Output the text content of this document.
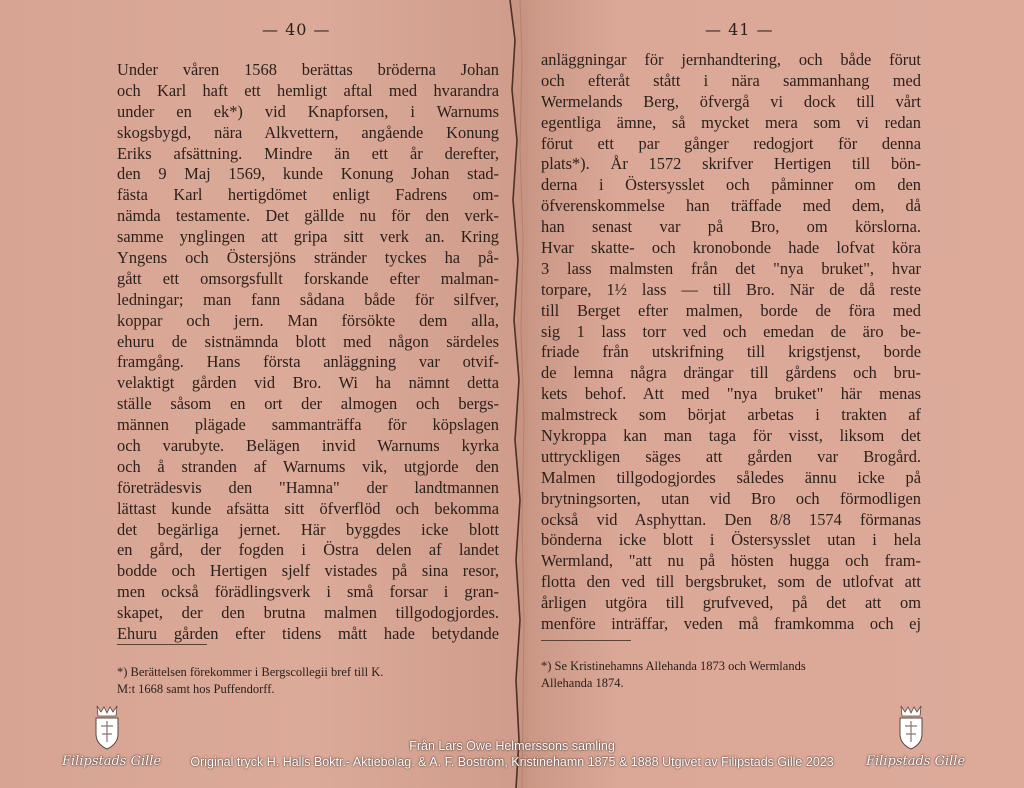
— 40 —
Under våren 1568 berättas bröderna Johan
och Karl haft ett hemligt aftal med hvarandra
under en ek*) vid Knapforsen, i Warnums
skogsbygd, nära Alkvettern, angående Konung
Eriks afsättning. Mindre än ett år derefter,
den 9 Maj 1569, kunde Konung Johan stad-
fästa Karl hertigdömet enligt Fadrens om-
nämda testamente. Det gällde nu för den verk-
samme ynglingen att gripa sitt verk an. Kring
Yngens och Östersjöns stränder tyckes ha på-
gått ett omsorgsfullt forskande efter malman-
ledningar; man fann sådana både för silfver,
koppar och jern. Man försökte dem alla,
ehuru de sistnämnda blott med någon särdeles
framgång. Hans första anläggning var otvif-
velaktigt gården vid Bro. Wi ha nämnt detta
ställe såsom en ort der almogen och bergs-
männen plägade sammanträffa för köpslagen
och varubyte. Belägen invid Warnums kyrka
och å stranden af Warnums vik, utgjorde den
företrädesvis den "Hamna" der landtmannen
lättast kunde afsätta sitt öfverflöd och bekomma
det begärliga jernet. Här byggdes icke blott
en gård, der fogden i Östra delen af landet
bodde och Hertigen sjelf vistades på sina resor,
men också förädlingsverk i små forsar i gran-
skapet, der den brutna malmen tillgodogjordes.
Ehuru gården efter tidens mått hade betydande
*) Berättelsen förekommer i Bergscollegii bref till K.
M:t 1668 samt hos Puffendorff.
— 41 —
anläggningar för jernhandtering, och både förut
och efteråt stått i nära sammanhang med
Wermelands Berg, öfvergå vi dock till vårt
egentliga ämne, så mycket mera som vi redan
förut ett par gånger redogjort för denna
plats*). År 1572 skrifver Hertigen till bön-
derna i Östersysslet och påminner om den
öfverenskommelse han träffade med dem, då
han senast var på Bro, om körslorna.
Hvar skatte- och kronobonde hade lofvat köra
3 lass malmsten från det "nya bruket", hvar
torpare, 1½ lass — till Bro. När de då reste
till Berget efter malmen, borde de föra med
sig 1 lass torr ved och emedan de äro be-
friade från utskrifning till krigstjenst, borde
de lemna några drängar till gårdens och bru-
kets behof. Att med "nya bruket" här menas
malmstreck som börjat arbetas i trakten af
Nykroppa kan man taga för visst, liksom det
uttryckligen säges att gården var Brogård.
Malmen tillgodogjordes således ännu icke på
brytningsorten, utan vid Bro och förmodligen
också vid Asphyttan. Den 8/8 1574 förmanas
bönderna icke blott i Östersysslet utan i hela
Wermland, "att nu på hösten hugga och fram-
flotta den ved till bergsbruket, som de utlofvat att
årligen utgöra till grufveved, på det att om
menföre inträffar, veden må framkomma och ej
*) Se Kristinehamns Allehanda 1873 och Wermlands
Allehanda 1874.
Filipstads Gille	Filipstads Gille
Från Lars Owe Helmerssons samling
Original tryck H. Halls Boktr.- Aktiebolag. & A. F. Boström, Kristinehamn 1875 & 1888 Utgivet av Filipstads Gille 2023
